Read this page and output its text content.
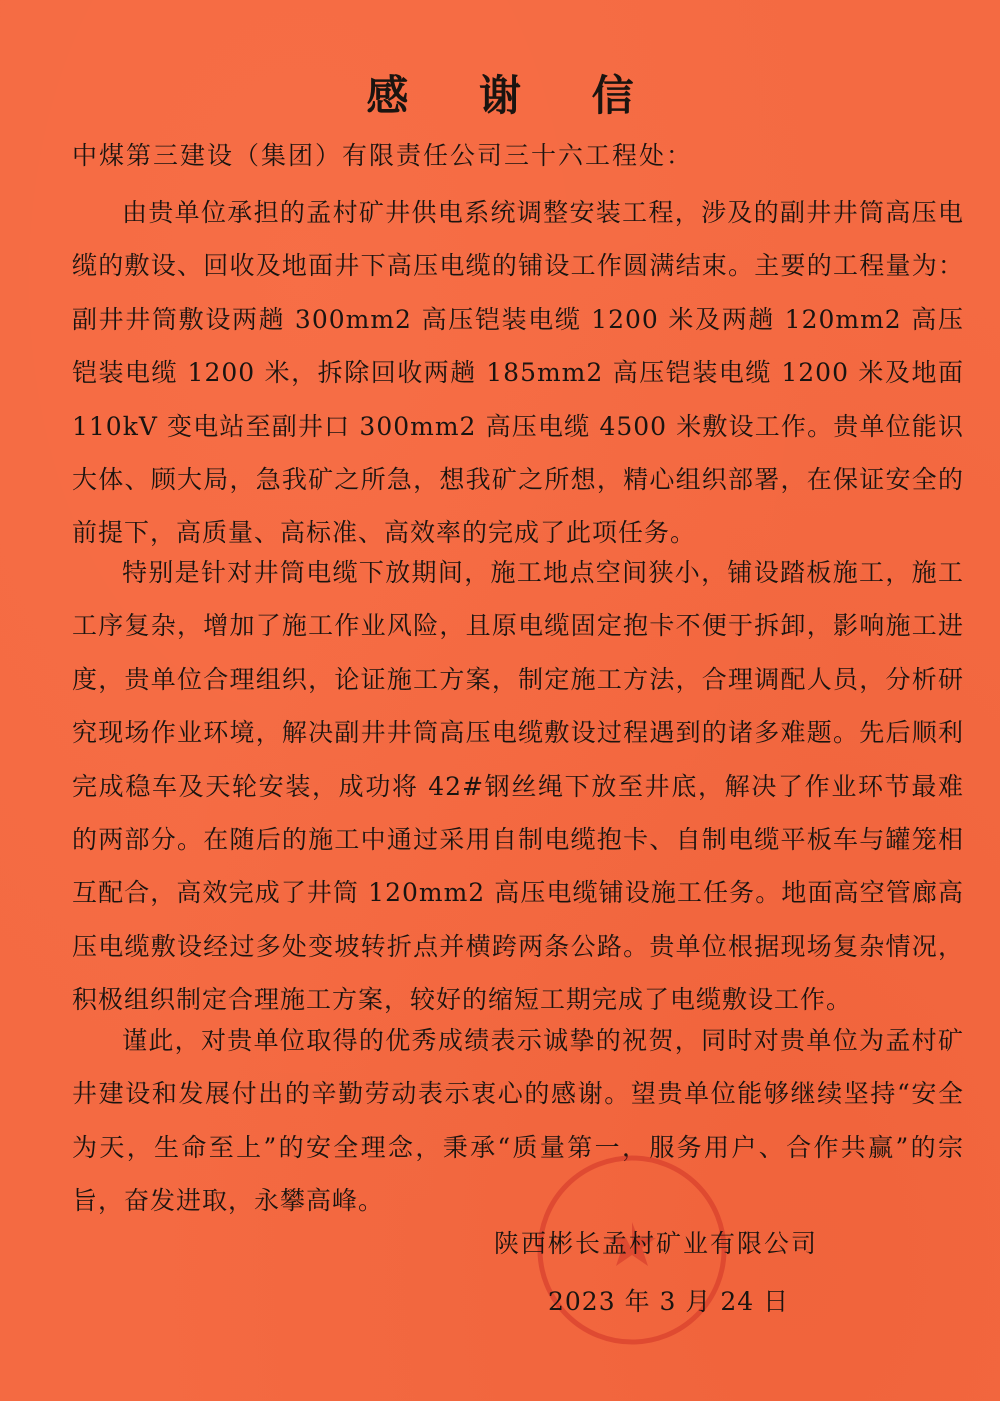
感 谢 信
中煤第三建设（集团）有限责任公司三十六工程处：
由贵单位承担的孟村矿井供电系统调整安装工程，涉及的副井井筒高压电缆的敷设、回收及地面井下高压电缆的铺设工作圆满结束。主要的工程量为：副井井筒敷设两趟 300mm2 高压铠装电缆 1200 米及两趟 120mm2 高压铠装电缆 1200 米，拆除回收两趟 185mm2 高压铠装电缆 1200 米及地面 110kV 变电站至副井口 300mm2 高压电缆 4500 米敷设工作。贵单位能识大体、顾大局，急我矿之所急，想我矿之所想，精心组织部署，在保证安全的前提下，高质量、高标准、高效率的完成了此项任务。
特别是针对井筒电缆下放期间，施工地点空间狭小，铺设踏板施工，施工工序复杂，增加了施工作业风险，且原电缆固定抱卡不便于拆卸，影响施工进度，贵单位合理组织，论证施工方案，制定施工方法，合理调配人员，分析研究现场作业环境，解决副井井筒高压电缆敷设过程遇到的诸多难题。先后顺利完成稳车及天轮安装，成功将 42#钢丝绳下放至井底，解决了作业环节最难的两部分。在随后的施工中通过采用自制电缆抱卡、自制电缆平板车与罐笼相互配合，高效完成了井筒 120mm2 高压电缆铺设施工任务。地面高空管廊高压电缆敷设经过多处变坡转折点并横跨两条公路。贵单位根据现场复杂情况，积极组织制定合理施工方案，较好的缩短工期完成了电缆敷设工作。
谨此，对贵单位取得的优秀成绩表示诚挚的祝贺，同时对贵单位为孟村矿井建设和发展付出的辛勤劳动表示衷心的感谢。望贵单位能够继续坚持“安全为天，生命至上”的安全理念，秉承“质量第一，服务用户、合作共赢”的宗旨，奋发进取，永攀高峰。
陕西彬长孟村矿业有限公司
2023 年 3 月 24 日
